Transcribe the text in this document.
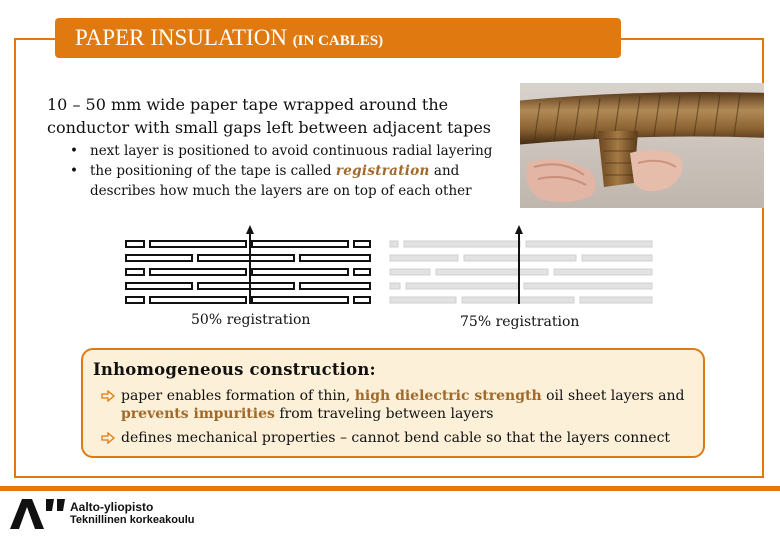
PAPER INSULATION (IN CABLES)

10 – 50 mm wide paper tape wrapped around the
conductor with small gaps left between adjacent tapes

• next layer is positioned to avoid continuous radial layering
• the positioning of the tape is called registration and describes how much the layers are on top of each other
50% registration	75% registration
Inhomogeneous construction:
paper enables formation of thin, high dielectric strength oil sheet layers and prevents impurities from traveling between layers
defines mechanical properties – cannot bend cable so that the layers connect
Aalto-yliopisto
Teknillinen korkeakoulu
